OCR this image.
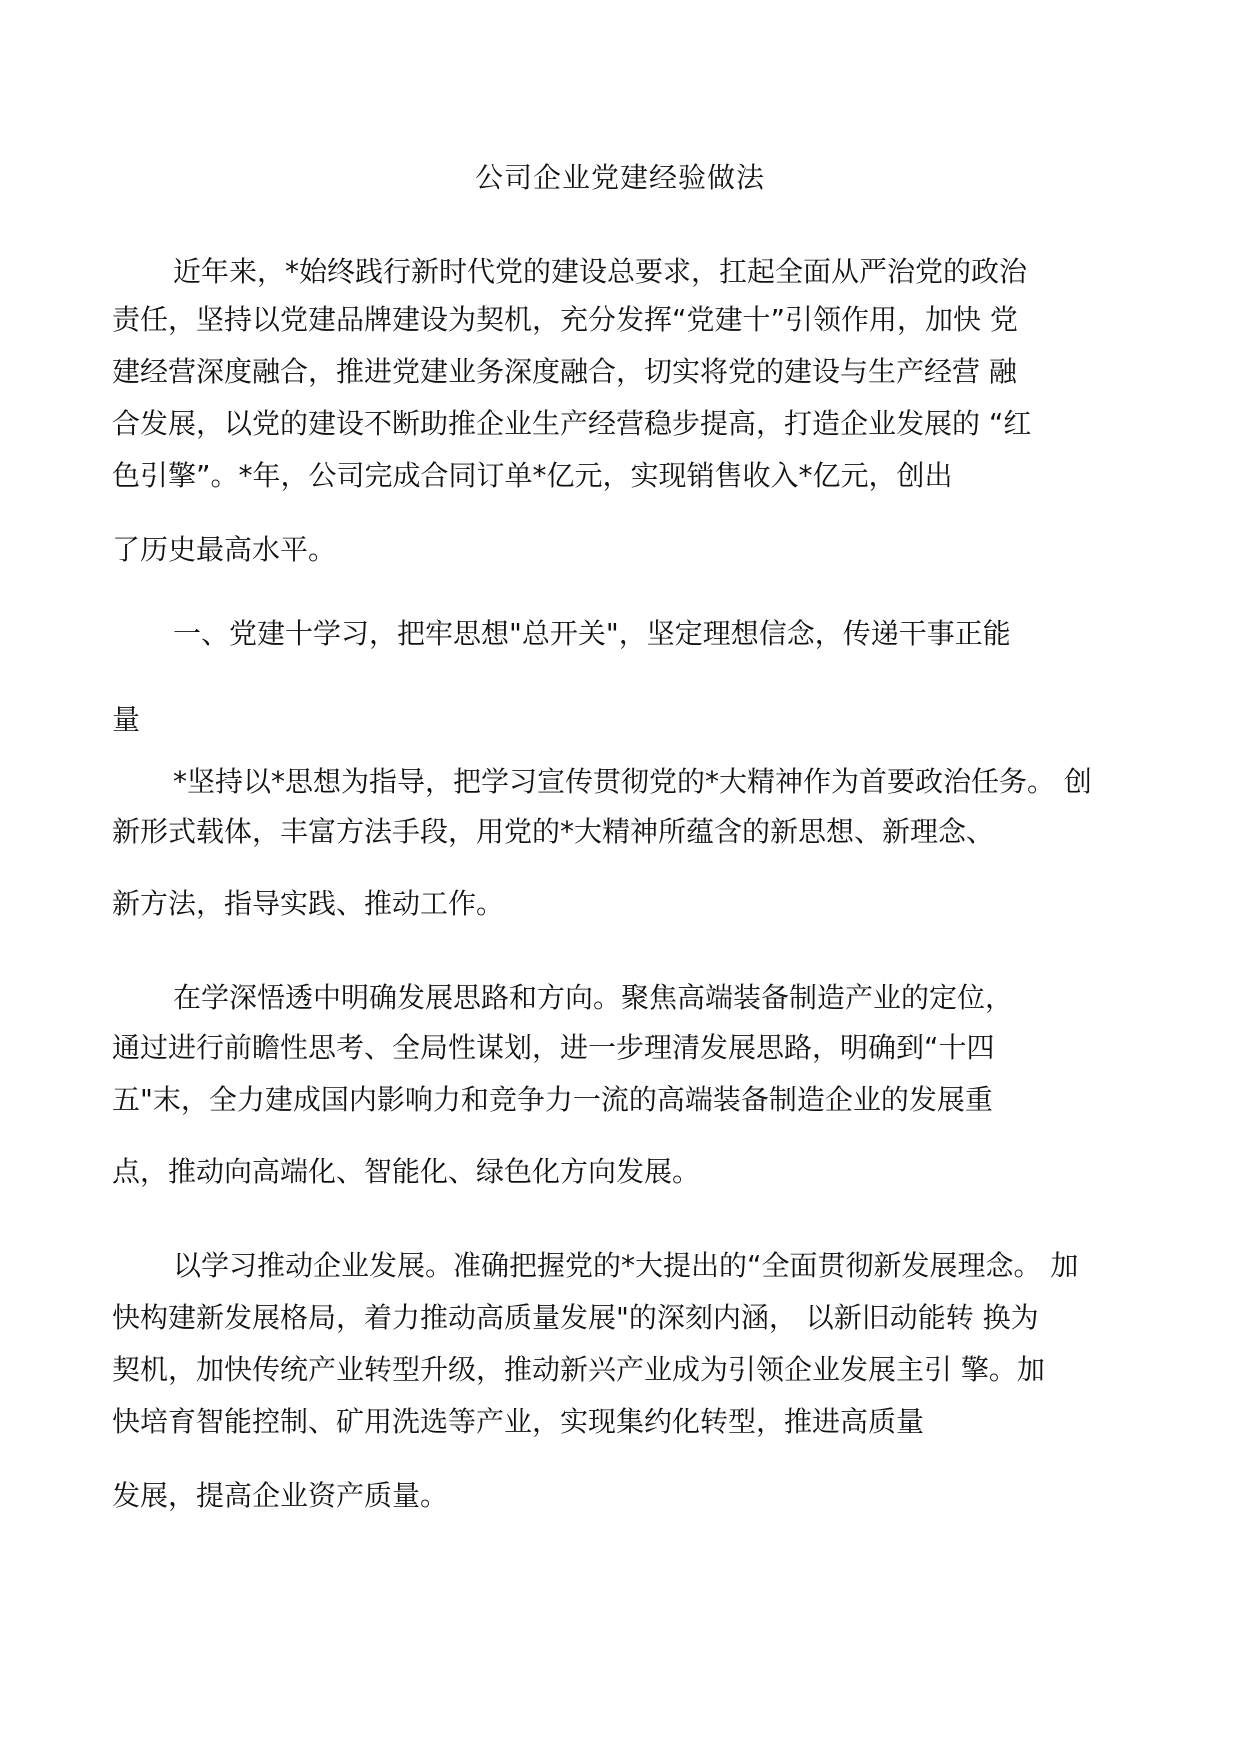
公司企业党建经验做法
近年来，*始终践行新时代党的建设总要求，扛起全面从严治党的政治
责任，坚持以党建品牌建设为契机，充分发挥“党建十”引领作用，加快 党
建经营深度融合，推进党建业务深度融合，切实将党的建设与生产经营 融
合发展，以党的建设不断助推企业生产经营稳步提高，打造企业发展的 “红
色引擎”。*年，公司完成合同订单*亿元，实现销售收入*亿元，创出
了历史最高水平。
一、党建十学习，把牢思想"总开关"，坚定理想信念，传递干事正能
量
*坚持以*思想为指导，把学习宣传贯彻党的*大精神作为首要政治任务。 创
新形式载体，丰富方法手段，用党的*大精神所蕴含的新思想、新理念、
新方法，指导实践、推动工作。
在学深悟透中明确发展思路和方向。聚焦高端装备制造产业的定位，
通过进行前瞻性思考、全局性谋划，进一步理清发展思路，明确到“十四
五"末，全力建成国内影响力和竞争力一流的高端装备制造企业的发展重
点，推动向高端化、智能化、绿色化方向发展。
以学习推动企业发展。准确把握党的*大提出的“全面贯彻新发展理念。 加
快构建新发展格局，着力推动高质量发展"的深刻内涵， 以新旧动能转 换为
契机，加快传统产业转型升级，推动新兴产业成为引领企业发展主引 擎。加
快培育智能控制、矿用洗选等产业，实现集约化转型，推进高质量
发展，提高企业资产质量。
